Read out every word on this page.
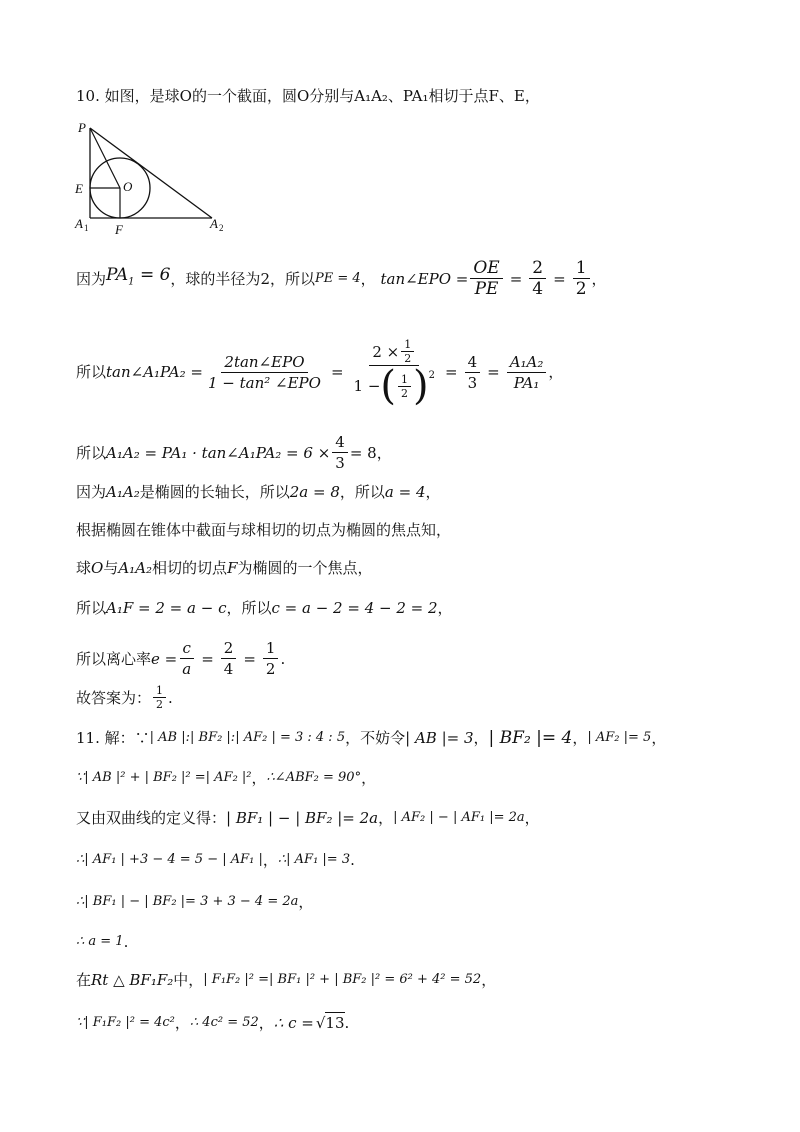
10.
如图，是球O的一个截面，圆O分别与A₁A₂、PA₁相切于点F、E，
P
E	O
A 1 F	A 2
因为 $PA_1 = 6$ ，球的半径为 2 ，所以 PE = 4 ，
tan∠EPO = $\frac{OE}{PE} = \frac{2}{4} = \frac{1}{2}$ ，
所以 tan∠A₁PA₂ = $\frac{\text{2tan∠EPO}}{\text{1 − tan² ∠EPO}} = \frac{2 \times \frac{1}{2}}{1 - ( \frac{1}{2} )^2} = \frac{4}{3} = \frac{\text{A₁A₂}}{\text{PA₁}}$ ，
所以 A₁A₂ = PA₁ · tan∠A₁PA₂ = $6 \times \frac{4}{3} = 8$，
因为 A₁A₂ 是椭圆的长轴长，所以 2a = 8 ，所以 a = 4 ，
根据椭圆在锥体中截面与球相切的切点为椭圆的焦点知，
球 O 与 A₁A₂ 相切的切点 F 为椭圆的一个焦点，
所以 A₁F = 2 = a − c ，所以 c = a − 2 = 4 − 2 = 2 ，
所以离心率 $e = \frac{c}{a} = \frac{2}{4} = \frac{1}{2}$ .
故答案为： $\frac{1}{2}$ .
11.
解：∵ | AB |:| BF₂ |:| AF₂ | = 3 : 4 : 5 ，不妨令 | AB |= 3 ， | BF₂ |= 4 ， | AF₂ |= 5 ，
∵| AB |² + | BF₂ |² =| AF₂ |² ， ∴∠ABF₂ = 90° ，
又由双曲线的定义得： | BF₁ | − | BF₂ |= 2a ， | AF₂ | − | AF₁ |= 2a ，
∴| AF₁ | +3 − 4 = 5 − | AF₁ | ， ∴| AF₁ |= 3 .
∴| BF₁ | − | BF₂ |= 3 + 3 − 4 = 2a ，
∴ a = 1 .
在 Rt △ BF₁F₂ 中， | F₁F₂ |² =| BF₁ |² + | BF₂ |² = 6² + 4² = 52 ，
∵| F₁F₂ |² = 4c² ， ∴ 4c² = 52 ， ∴ c = √ 13 .
